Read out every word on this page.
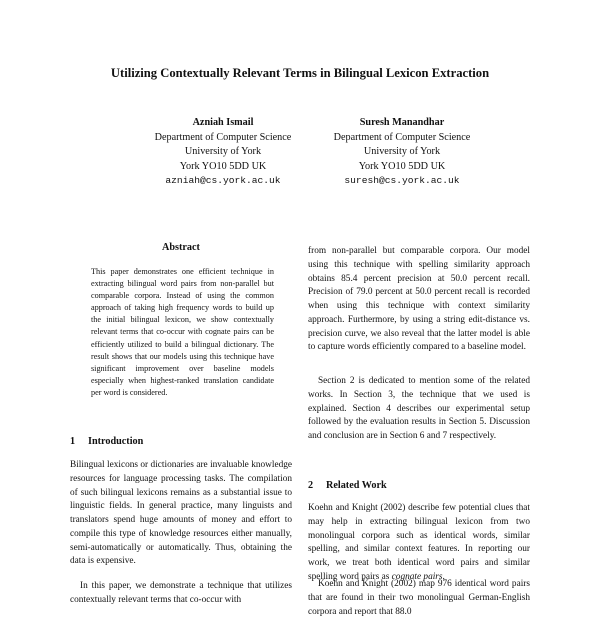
Utilizing Contextually Relevant Terms in Bilingual Lexicon Extraction
Azniah Ismail
Department of Computer Science
University of York
York YO10 5DD UK
azniah@cs.york.ac.uk
Suresh Manandhar
Department of Computer Science
University of York
York YO10 5DD UK
suresh@cs.york.ac.uk
Abstract

This paper demonstrates one efficient technique in extracting bilingual word pairs from non-parallel but comparable corpora. Instead of using the common approach of taking high frequency words to build up the initial bilingual lexicon, we show contextually relevant terms that co-occur with cognate pairs can be efficiently utilized to build a bilingual dictionary. The result shows that our models using this technique have significant improvement over baseline models especially when highest-ranked translation candidate per word is considered.

1 Introduction

Bilingual lexicons or dictionaries are invaluable knowledge resources for language processing tasks. The compilation of such bilingual lexicons remains as a substantial issue to linguistic fields. In general practice, many linguists and translators spend huge amounts of money and effort to compile this type of knowledge resources either manually, semi-automatically or automatically. Thus, obtaining the data is expensive.

In this paper, we demonstrate a technique that utilizes contextually relevant terms that co-occur with

from non-parallel but comparable corpora. Our model using this technique with spelling similarity approach obtains 85.4 percent precision at 50.0 percent recall. Precision of 79.0 percent at 50.0 percent recall is recorded when using this technique with context similarity approach. Furthermore, by using a string edit-distance vs. precision curve, we also reveal that the latter model is able to capture words efficiently compared to a baseline model.

Section 2 is dedicated to mention some of the related works. In Section 3, the technique that we used is explained. Section 4 describes our experimental setup followed by the evaluation results in Section 5. Discussion and conclusion are in Section 6 and 7 respectively.

2 Related Work

Koehn and Knight (2002) describe few potential clues that may help in extracting bilingual lexicon from two monolingual corpora such as identical words, similar spelling, and similar context features. In reporting our work, we treat both identical word pairs and similar spelling word pairs as cognate pairs.

Koehn and Knight (2002) map 976 identical word pairs that are found in their two monolingual German-English corpora and report that 88.0
